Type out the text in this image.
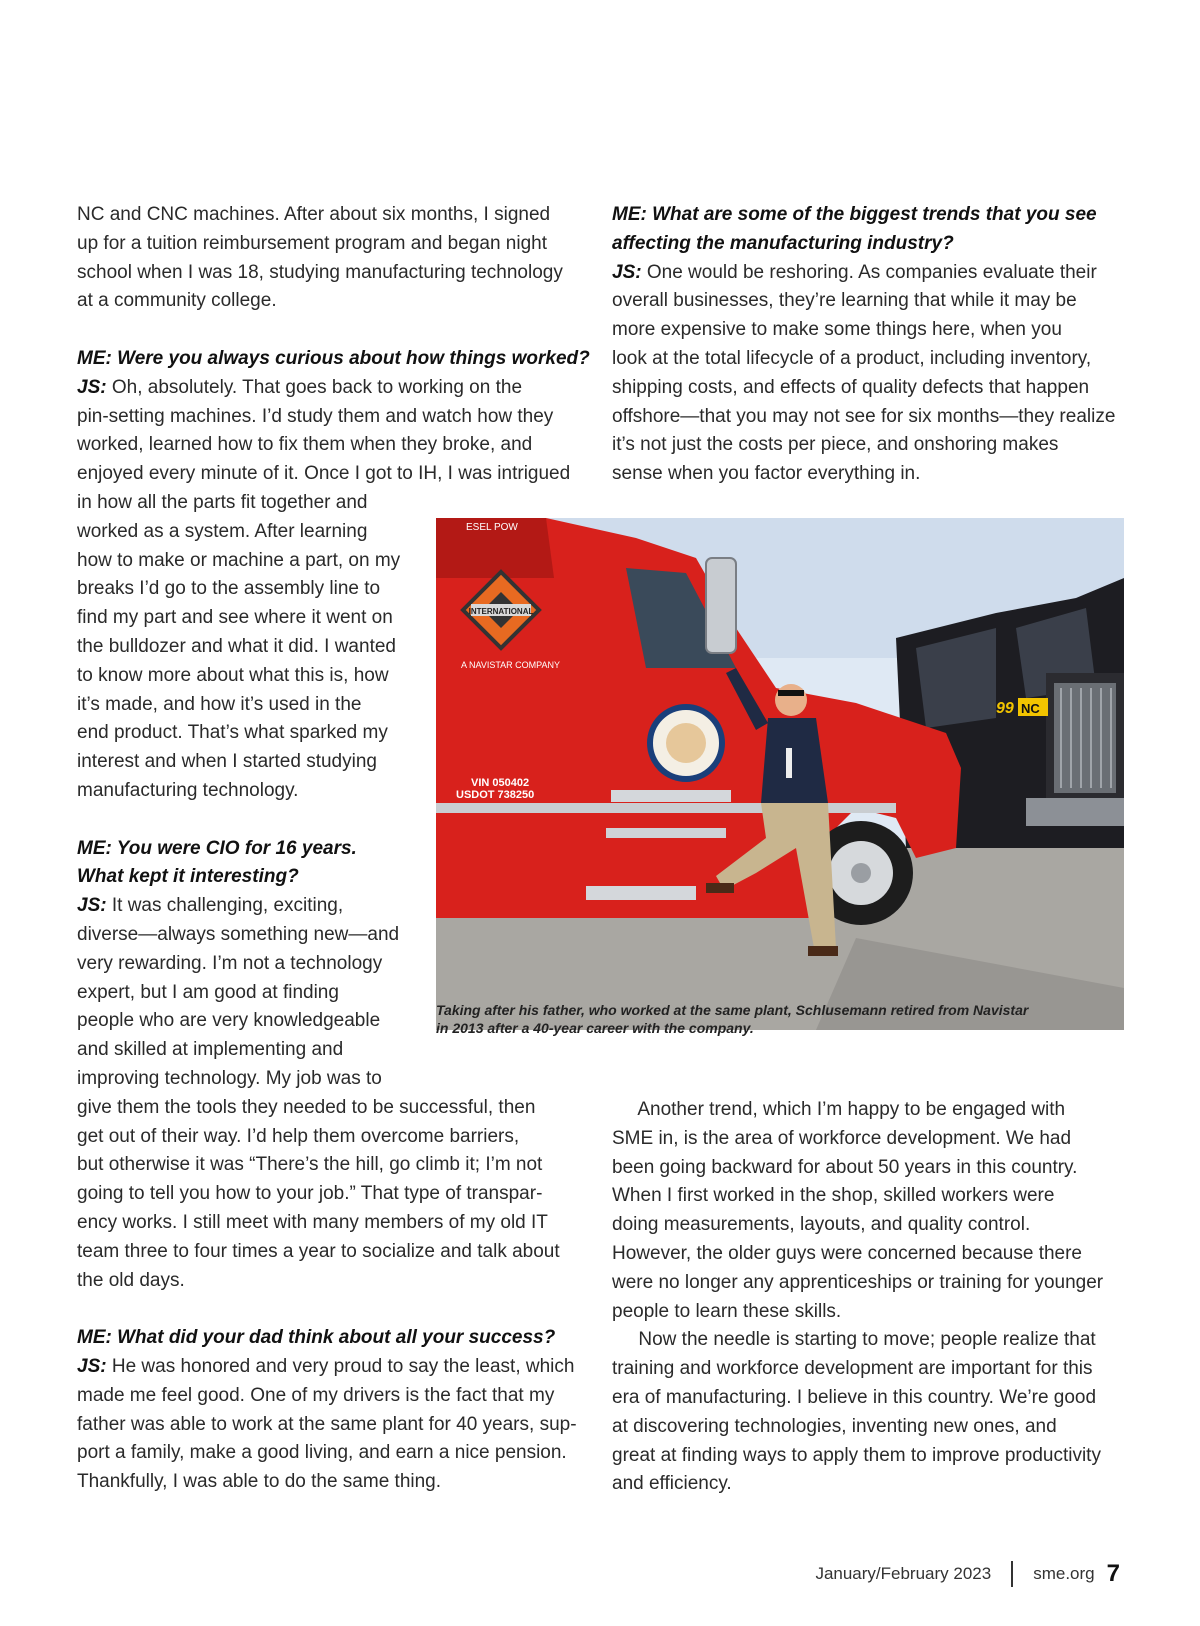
NC and CNC machines. After about six months, I signed
up for a tuition reimbursement program and began night
school when I was 18, studying manufacturing technology
at a community college.
ME: Were you always curious about how things worked?
JS: Oh, absolutely. That goes back to working on the
pin-setting machines. I’d study them and watch how they
worked, learned how to fix them when they broke, and
enjoyed every minute of it. Once I got to IH, I was intrigued
in how all the parts fit together and
worked as a system. After learning
how to make or machine a part, on my
breaks I’d go to the assembly line to
find my part and see where it went on
the bulldozer and what it did. I wanted
to know more about what this is, how
it’s made, and how it’s used in the
end product. That’s what sparked my
interest and when I started studying
manufacturing technology.
ME: You were CIO for 16 years.
What kept it interesting?
JS: It was challenging, exciting,
diverse—always something new—and
very rewarding. I’m not a technology
expert, but I am good at finding
people who are very knowledgeable
and skilled at implementing and
improving technology. My job was to
give them the tools they needed to be successful, then
get out of their way. I’d help them overcome barriers,
but otherwise it was “There’s the hill, go climb it; I’m not
going to tell you how to your job.” That type of transpar-
ency works. I still meet with many members of my old IT
team three to four times a year to socialize and talk about
the old days.
ME: What did your dad think about all your success?
JS: He was honored and very proud to say the least, which
made me feel good. One of my drivers is the fact that my
father was able to work at the same plant for 40 years, sup-
port a family, make a good living, and earn a nice pension.
Thankfully, I was able to do the same thing.
ME: What are some of the biggest trends that you see
affecting the manufacturing industry?
JS: One would be reshoring. As companies evaluate their
overall businesses, they’re learning that while it may be
more expensive to make some things here, when you
look at the total lifecycle of a product, including inventory,
shipping costs, and effects of quality defects that happen
offshore—that you may not see for six months—they realize
it’s not just the costs per piece, and onshoring makes
sense when you factor everything in.
Another trend, which I’m happy to be engaged with
SME in, is the area of workforce development. We had
been going backward for about 50 years in this country.
When I first worked in the shop, skilled workers were
doing measurements, layouts, and quality control.
However, the older guys were concerned because there
were no longer any apprenticeships or training for younger
people to learn these skills.
Now the needle is starting to move; people realize that
training and workforce development are important for this
era of manufacturing. I believe in this country. We’re good
at discovering technologies, inventing new ones, and
great at finding ways to apply them to improve productivity
and efficiency.
99 NC
INTERNATIONAL
A NAVISTAR COMPANY
ESEL POW
VIN 050402
USDOT 738250
Taking after his father, who worked at the same plant, Schlusemann retired from Navistar
in 2013 after a 40-year career with the company.
January/February 2023 sme.org 7
